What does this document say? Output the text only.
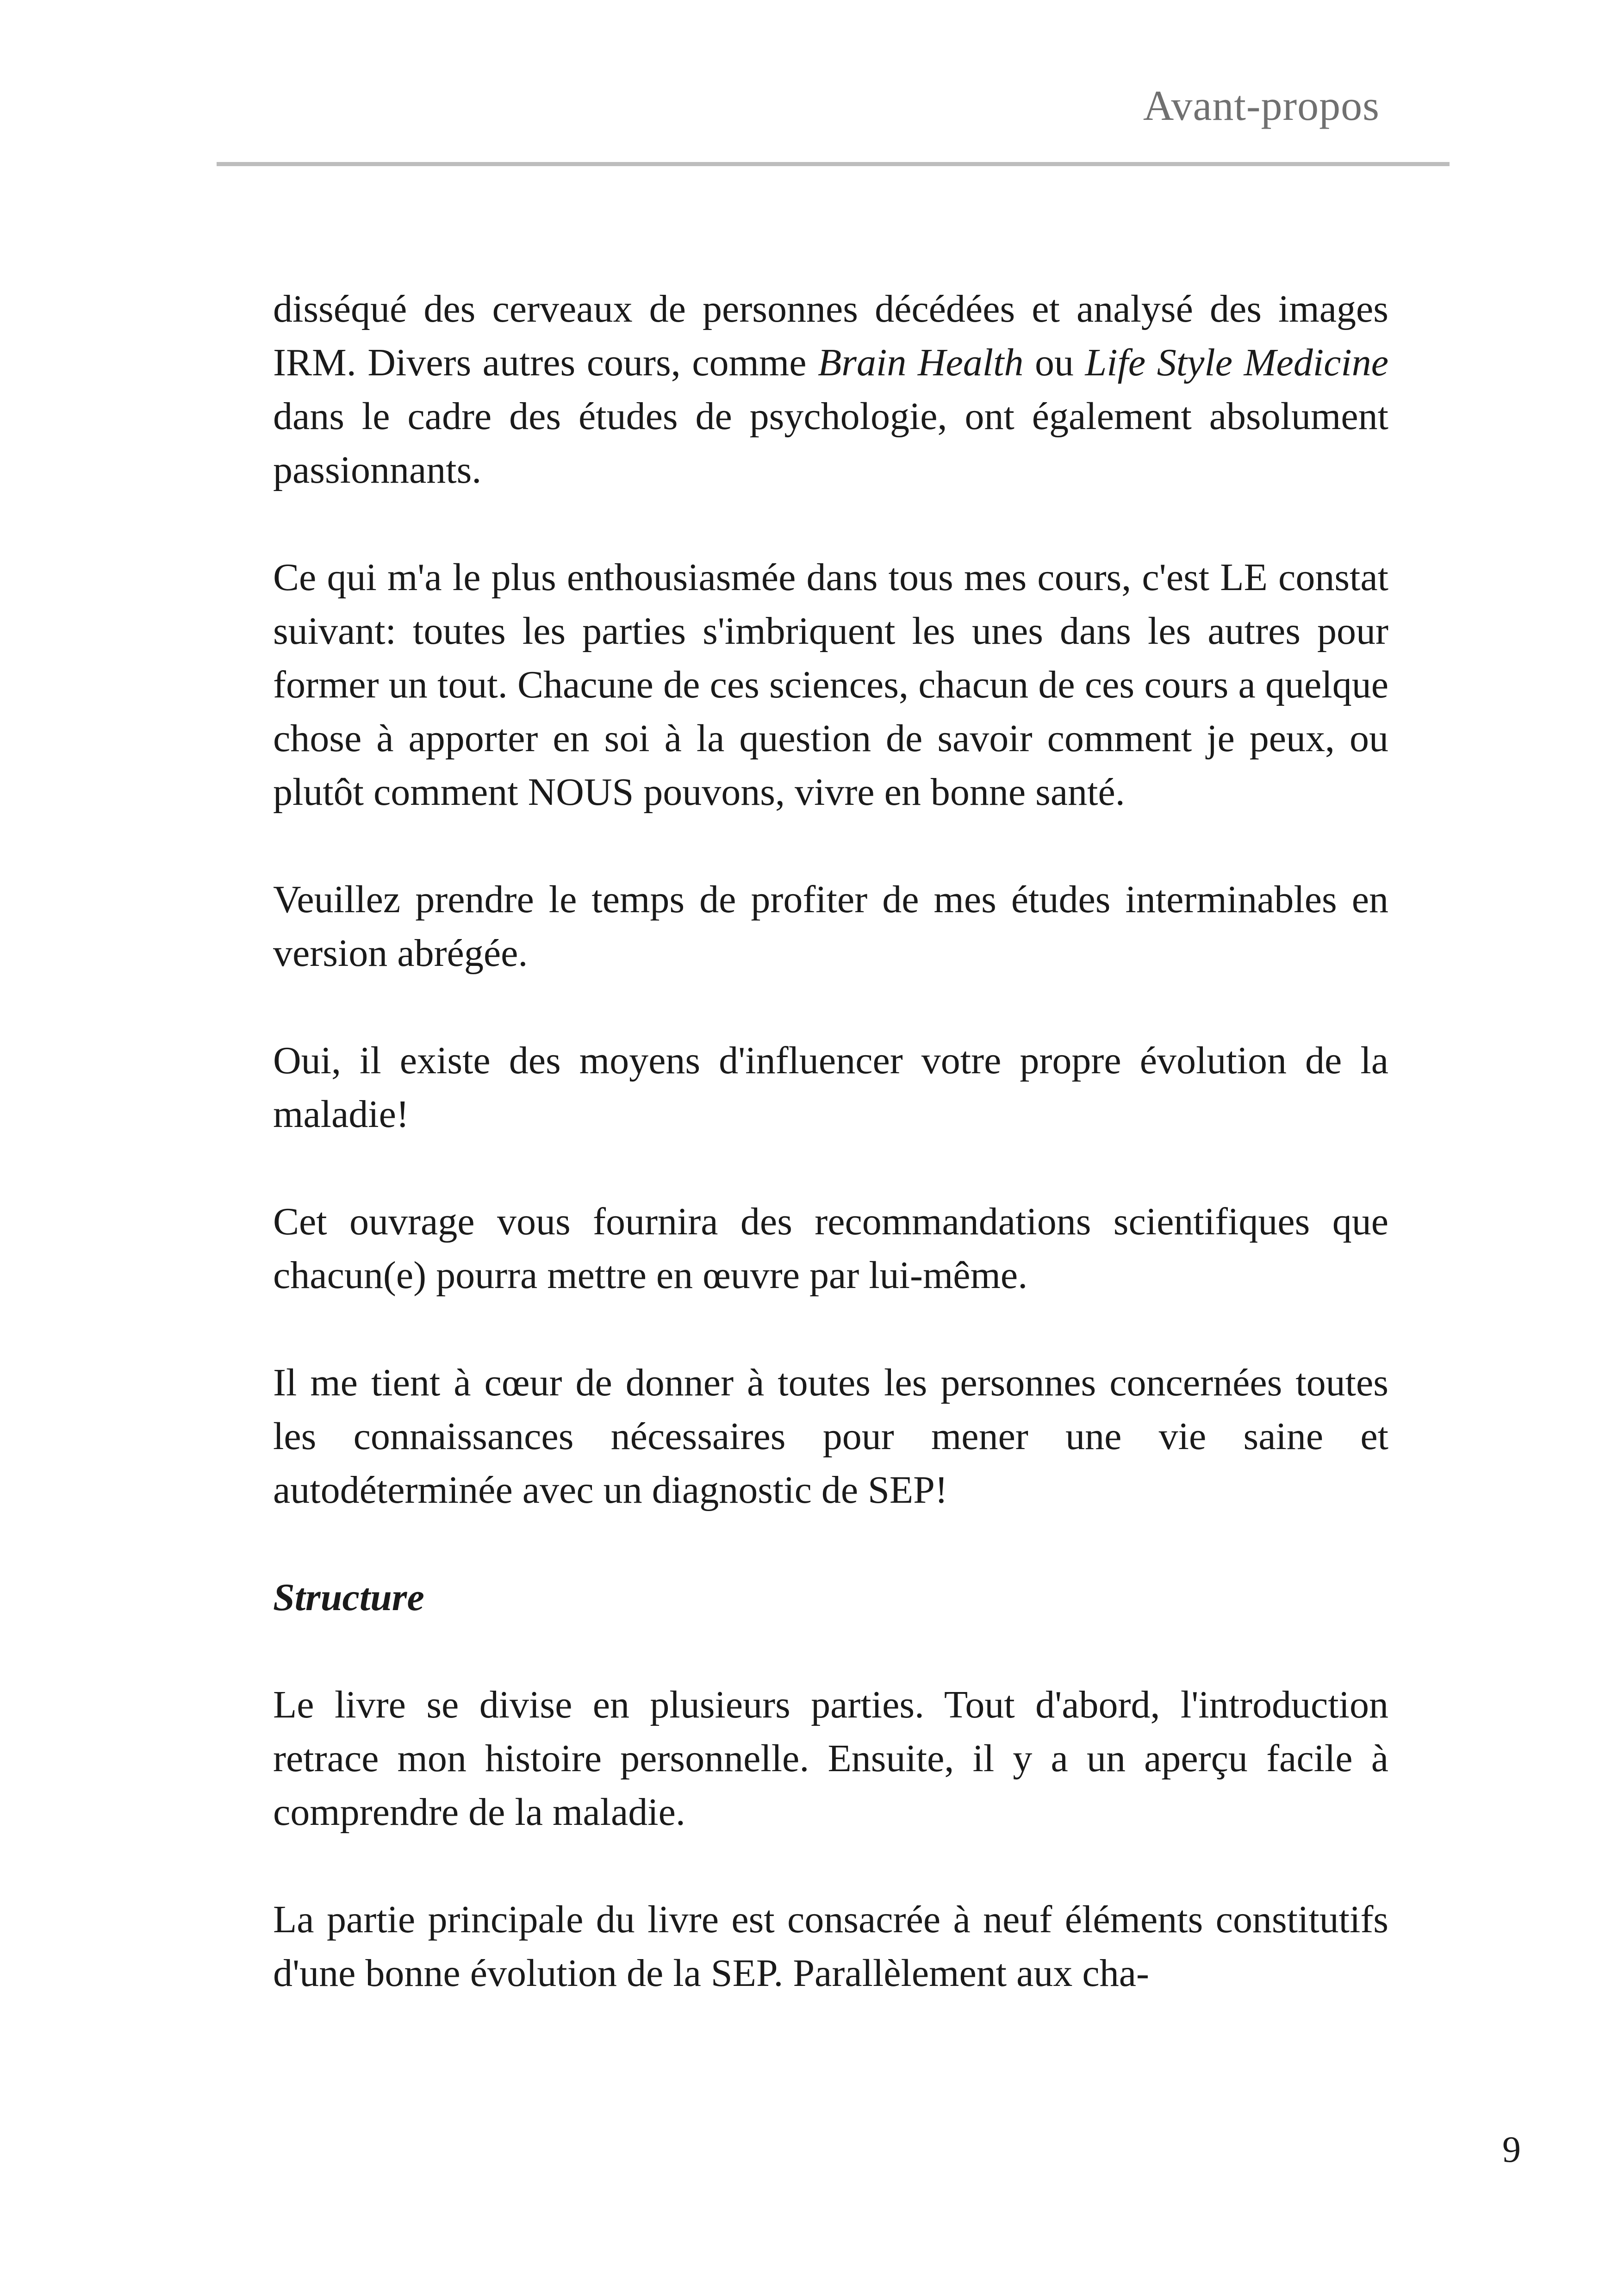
Avant-propos

disséqué des cerveaux de personnes décédées et analysé des images IRM. Divers autres cours, comme Brain Health ou Life Style Medicine dans le cadre des études de psychologie, ont également absolument passionnants.

Ce qui m'a le plus enthousiasmée dans tous mes cours, c'est LE constat suivant: toutes les parties s'imbriquent les unes dans les autres pour former un tout. Chacune de ces sciences, chacun de ces cours a quelque chose à apporter en soi à la question de savoir comment je peux, ou plutôt comment NOUS pouvons, vivre en bonne santé.

Veuillez prendre le temps de profiter de mes études interminables en version abrégée.

Oui, il existe des moyens d'influencer votre propre évolution de la maladie!

Cet ouvrage vous fournira des recommandations scientifiques que chacun(e) pourra mettre en œuvre par lui-même.

Il me tient à cœur de donner à toutes les personnes concernées toutes les connaissances nécessaires pour mener une vie saine et autodéterminée avec un diagnostic de SEP!

Structure

Le livre se divise en plusieurs parties. Tout d'abord, l'introduction retrace mon histoire personnelle. Ensuite, il y a un aperçu facile à comprendre de la maladie.

La partie principale du livre est consacrée à neuf éléments constitutifs d'une bonne évolution de la SEP. Parallèlement aux cha-

9
